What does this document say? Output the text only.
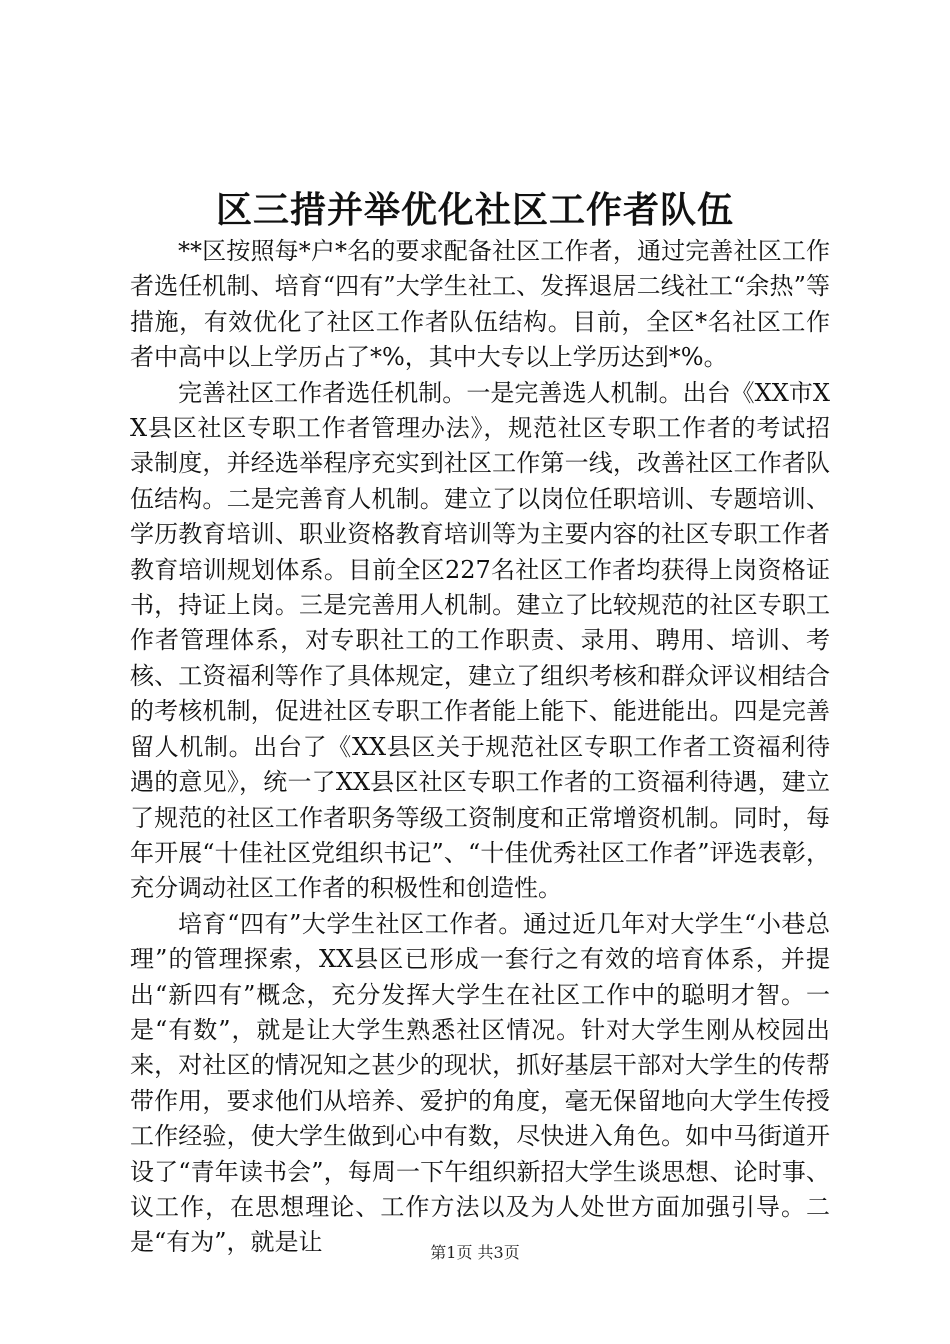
区三措并举优化社区工作者队伍

**区按照每*户*名的要求配备社区工作者，通过完善社区工作者选任机制、培育“四有”大学生社工、发挥退居二线社工“余热”等措施，有效优化了社区工作者队伍结构。目前，全区*名社区工作者中高中以上学历占了*%，其中大专以上学历达到*%。

完善社区工作者选任机制。一是完善选人机制。出台《XX市XX县区社区专职工作者管理办法》，规范社区专职工作者的考试招录制度，并经选举程序充实到社区工作第一线，改善社区工作者队伍结构。二是完善育人机制。建立了以岗位任职培训、专题培训、学历教育培训、职业资格教育培训等为主要内容的社区专职工作者教育培训规划体系。目前全区227名社区工作者均获得上岗资格证书，持证上岗。三是完善用人机制。建立了比较规范的社区专职工作者管理体系，对专职社工的工作职责、录用、聘用、培训、考核、工资福利等作了具体规定，建立了组织考核和群众评议相结合的考核机制，促进社区专职工作者能上能下、能进能出。四是完善留人机制。出台了《XX县区关于规范社区专职工作者工资福利待遇的意见》，统一了XX县区社区专职工作者的工资福利待遇，建立了规范的社区工作者职务等级工资制度和正常增资机制。同时，每年开展“十佳社区党组织书记”、“十佳优秀社区工作者”评选表彰，充分调动社区工作者的积极性和创造性。

培育“四有”大学生社区工作者。通过近几年对大学生“小巷总理”的管理探索，XX县区已形成一套行之有效的培育体系，并提出“新四有”概念，充分发挥大学生在社区工作中的聪明才智。一是“有数”，就是让大学生熟悉社区情况。针对大学生刚从校园出来，对社区的情况知之甚少的现状，抓好基层干部对大学生的传帮带作用，要求他们从培养、爱护的角度，毫无保留地向大学生传授工作经验，使大学生做到心中有数，尽快进入角色。如中马街道开设了“青年读书会”，每周一下午组织新招大学生谈思想、论时事、议工作，在思想理论、工作方法以及为人处世方面加强引导。二是“有为”，就是让	第1页 共3页
